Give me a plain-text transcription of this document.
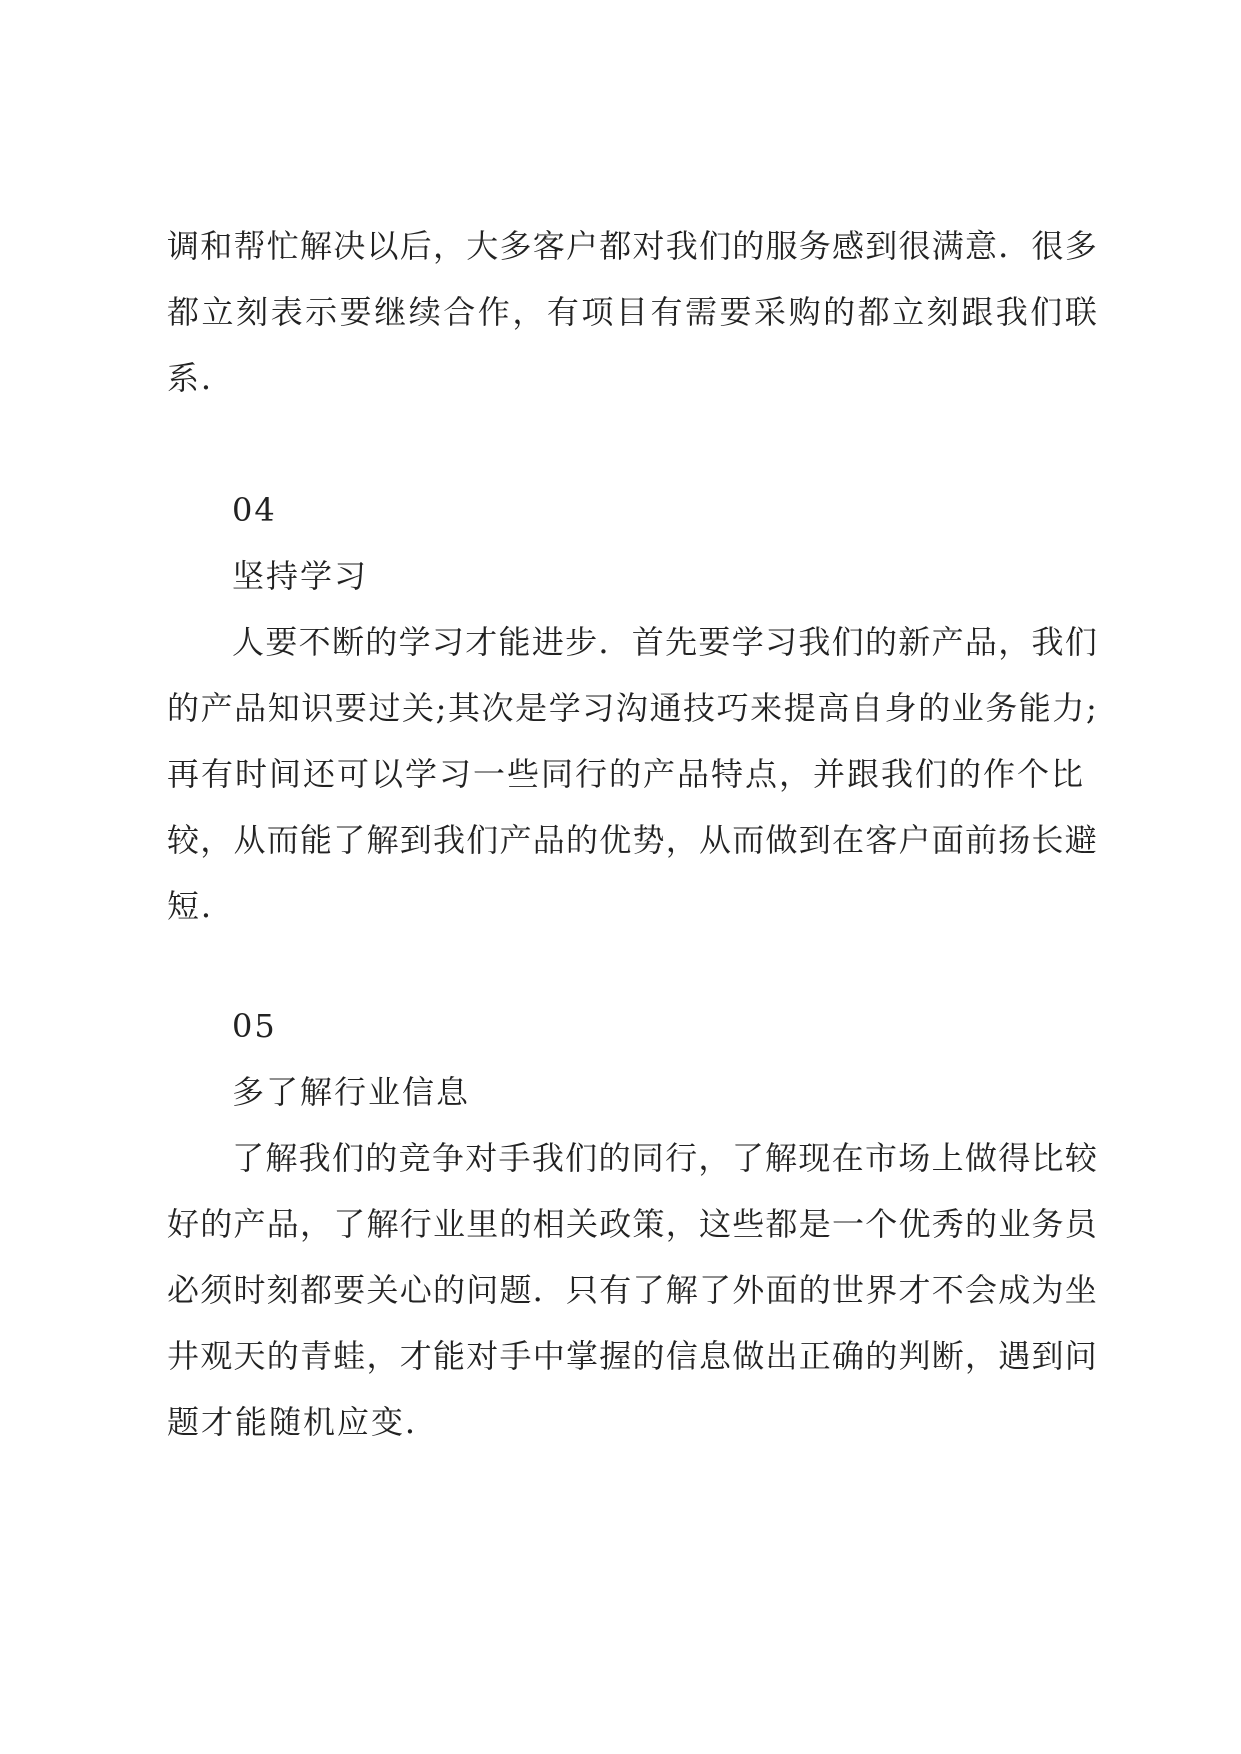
调 和 帮 忙 解 决 以 后 ， 大 多 客 户 都 对 我 们 的 服 务 感 到 很 满 意 ． 很 多
都 立 刻 表 示 要 继 续 合 作 ， 有 项 目 有 需 要 采 购 的 都 立 刻 跟 我 们 联
系．
04
坚持学习
人 要 不 断 的 学 习 才 能 进 步 ． 首 先 要 学 习 我 们 的 新 产 品 ， 我 们
的 产 品 知 识 要 过 关 ; 其 次 是 学 习 沟 通 技 巧 来 提 高 自 身 的 业 务 能 力 ;
再有时间还可以学习一些同行的产品特点，并跟我们的作个比
较 ， 从 而 能 了 解 到 我 们 产 品 的 优 势 ， 从 而 做 到 在 客 户 面 前 扬 长 避
短．
05
多了解行业信息
了 解 我 们 的 竞 争 对 手 我 们 的 同 行 ， 了 解 现 在 市 场 上 做 得 比 较
好 的 产 品 ， 了 解 行 业 里 的 相 关 政 策 ， 这 些 都 是 一 个 优 秀 的 业 务 员
必 须 时 刻 都 要 关 心 的 问 题 ． 只 有 了 解 了 外 面 的 世 界 才 不 会 成 为 坐
井 观 天 的 青 蛙 ， 才 能 对 手 中 掌 握 的 信 息 做 出 正 确 的 判 断 ， 遇 到 问
题才能随机应变．
